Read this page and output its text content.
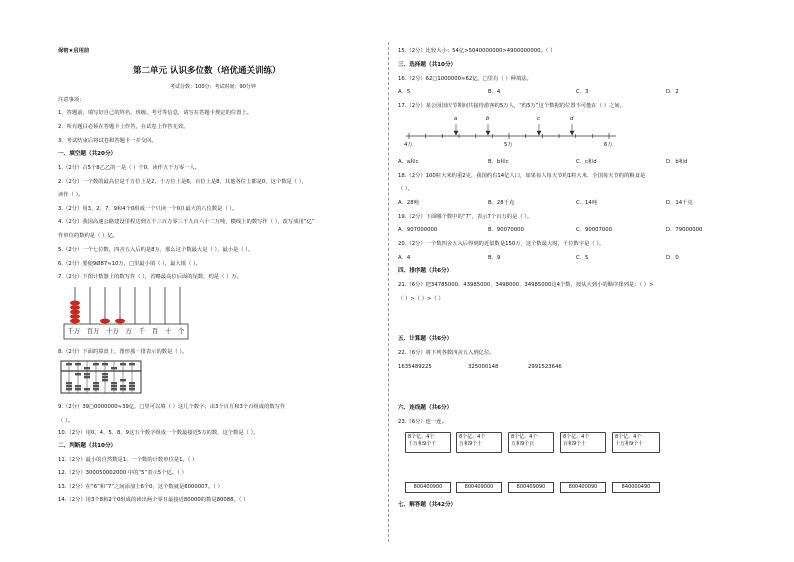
保密★启用前
第二单元 认识多位数（培优通关训练）
考试分数：100分；考试时间：90分钟
注意事项：
1．答题前，填写好自己的姓名、班级、考号等信息，请写在答题卡规定的位置上。
2．所有题目必须在答题卡上作答，在试卷上作答无效。
3．考试结束后将试卷和答题卡一并交回。
一、填空题（共20分）
1.（2分）占5个8乙乙的一是（ ）个0，读作五千万零一人。
2.（2分）一个数的最高位是千万位上是2，十万位上是6，百位上是8，其他各位上都是0，这个数是（ ），
读作（ ）。
3.（2分）用3、2、7、9和4个0组成一个只读一个0且最大的八位数是（ ）。
4.（2分）我国高速公路建设里程达到五千三百万零三千九百六十二万吨，横线上的数写作（ ），改写成用“亿”
作单位的数约是（ ）亿。
5.（2分）一个七位数，四舍五入后约是8万，那么这个数最大是（ ），最小是（ ）。
6.（2分）要使9Ø87≈10万，□里最小填（ ），最大填（ ）。
7.（2分）下图计数器上的数写作（ ），省略最高位后面的尾数，约是（ ）万。
千万 百万 十万 万 千 百 十 个
8.（2分）下面的算盘上，图形那一排表示的数是（ ）。
9.（2分）39□0000000≈39亿，□里可以填（ ）这几个数字；由3个百万和3个百组成的数写作
（ ）。
10.（2分）用0、4、5、8、9这五个数字组成一个数最接近5万的数，这个数是（ ）。
二、判断题（共10分）
11.（2分）最小的自然数是1，一个数的计数单位是1。（ ）
12.（2分）300050002000 中的“5”表示5个亿。（ ）
13.（2分）在“6”和“7”之间添加上6个0，这个数就是6000007。（ ）
14.（2分）用3个8和2个0组成的读出两个零且最接近80000的数是80088。（ ）
15.（2分）比较大小：54亿>5040000000>4900000000。（ ）
三、选择题（共10分）
16.（2分）62□1000000≈62亿，□里有（ ）种填法。
A．5	B．4	C．3	D．2
17.（2分）某公园国庆节期间共接待游客约5万人，“约5万”这个数据的位置不可能在（ ）之间。
a	b	c	d
4万	5万	6万
A．a和c	B．b和c	C．c和d	D．b和d
18.（2分）100粒大米约重2克，我国约有14亿人口，如果每人每天节约1粒大米，全国每天节约的粮食是
（ ）。
A．28吨	B．28千克	C．14吨	D．14千克
19.（2分）下面哪个数中的“7”，表示7个百万的是（ ）。
A．907000000	B．90070000	C．90007000	D．79000000
20.（2分）一个数四舍五入后得到的近似数是150万，这个数最大时，千位数字是（ ）。
A．4	B．9	C．5	D．0
四、排序题（共6分）
21.（6分）把34785000、43985000、3498000、34985000这4个数，按从大到小的顺序排列是：（ ）>
（ ）>（ ）>（ ）
五、计算题（共6分）
22.（6分）将下列各数四舍五入到亿位。
1635489225	325000148	2991523646
六、连线题（共6分）
23.（6分）连一连。
8个亿、4个
千万和9个千
8个亿、4个
万和9个十
8个亿、4个
万和9个百
8个亿、4个
百和9个十
8个亿、4个
十万和9个十
800400900	800409000	800409090	800400090	840000490
七、解答题（共42分）
